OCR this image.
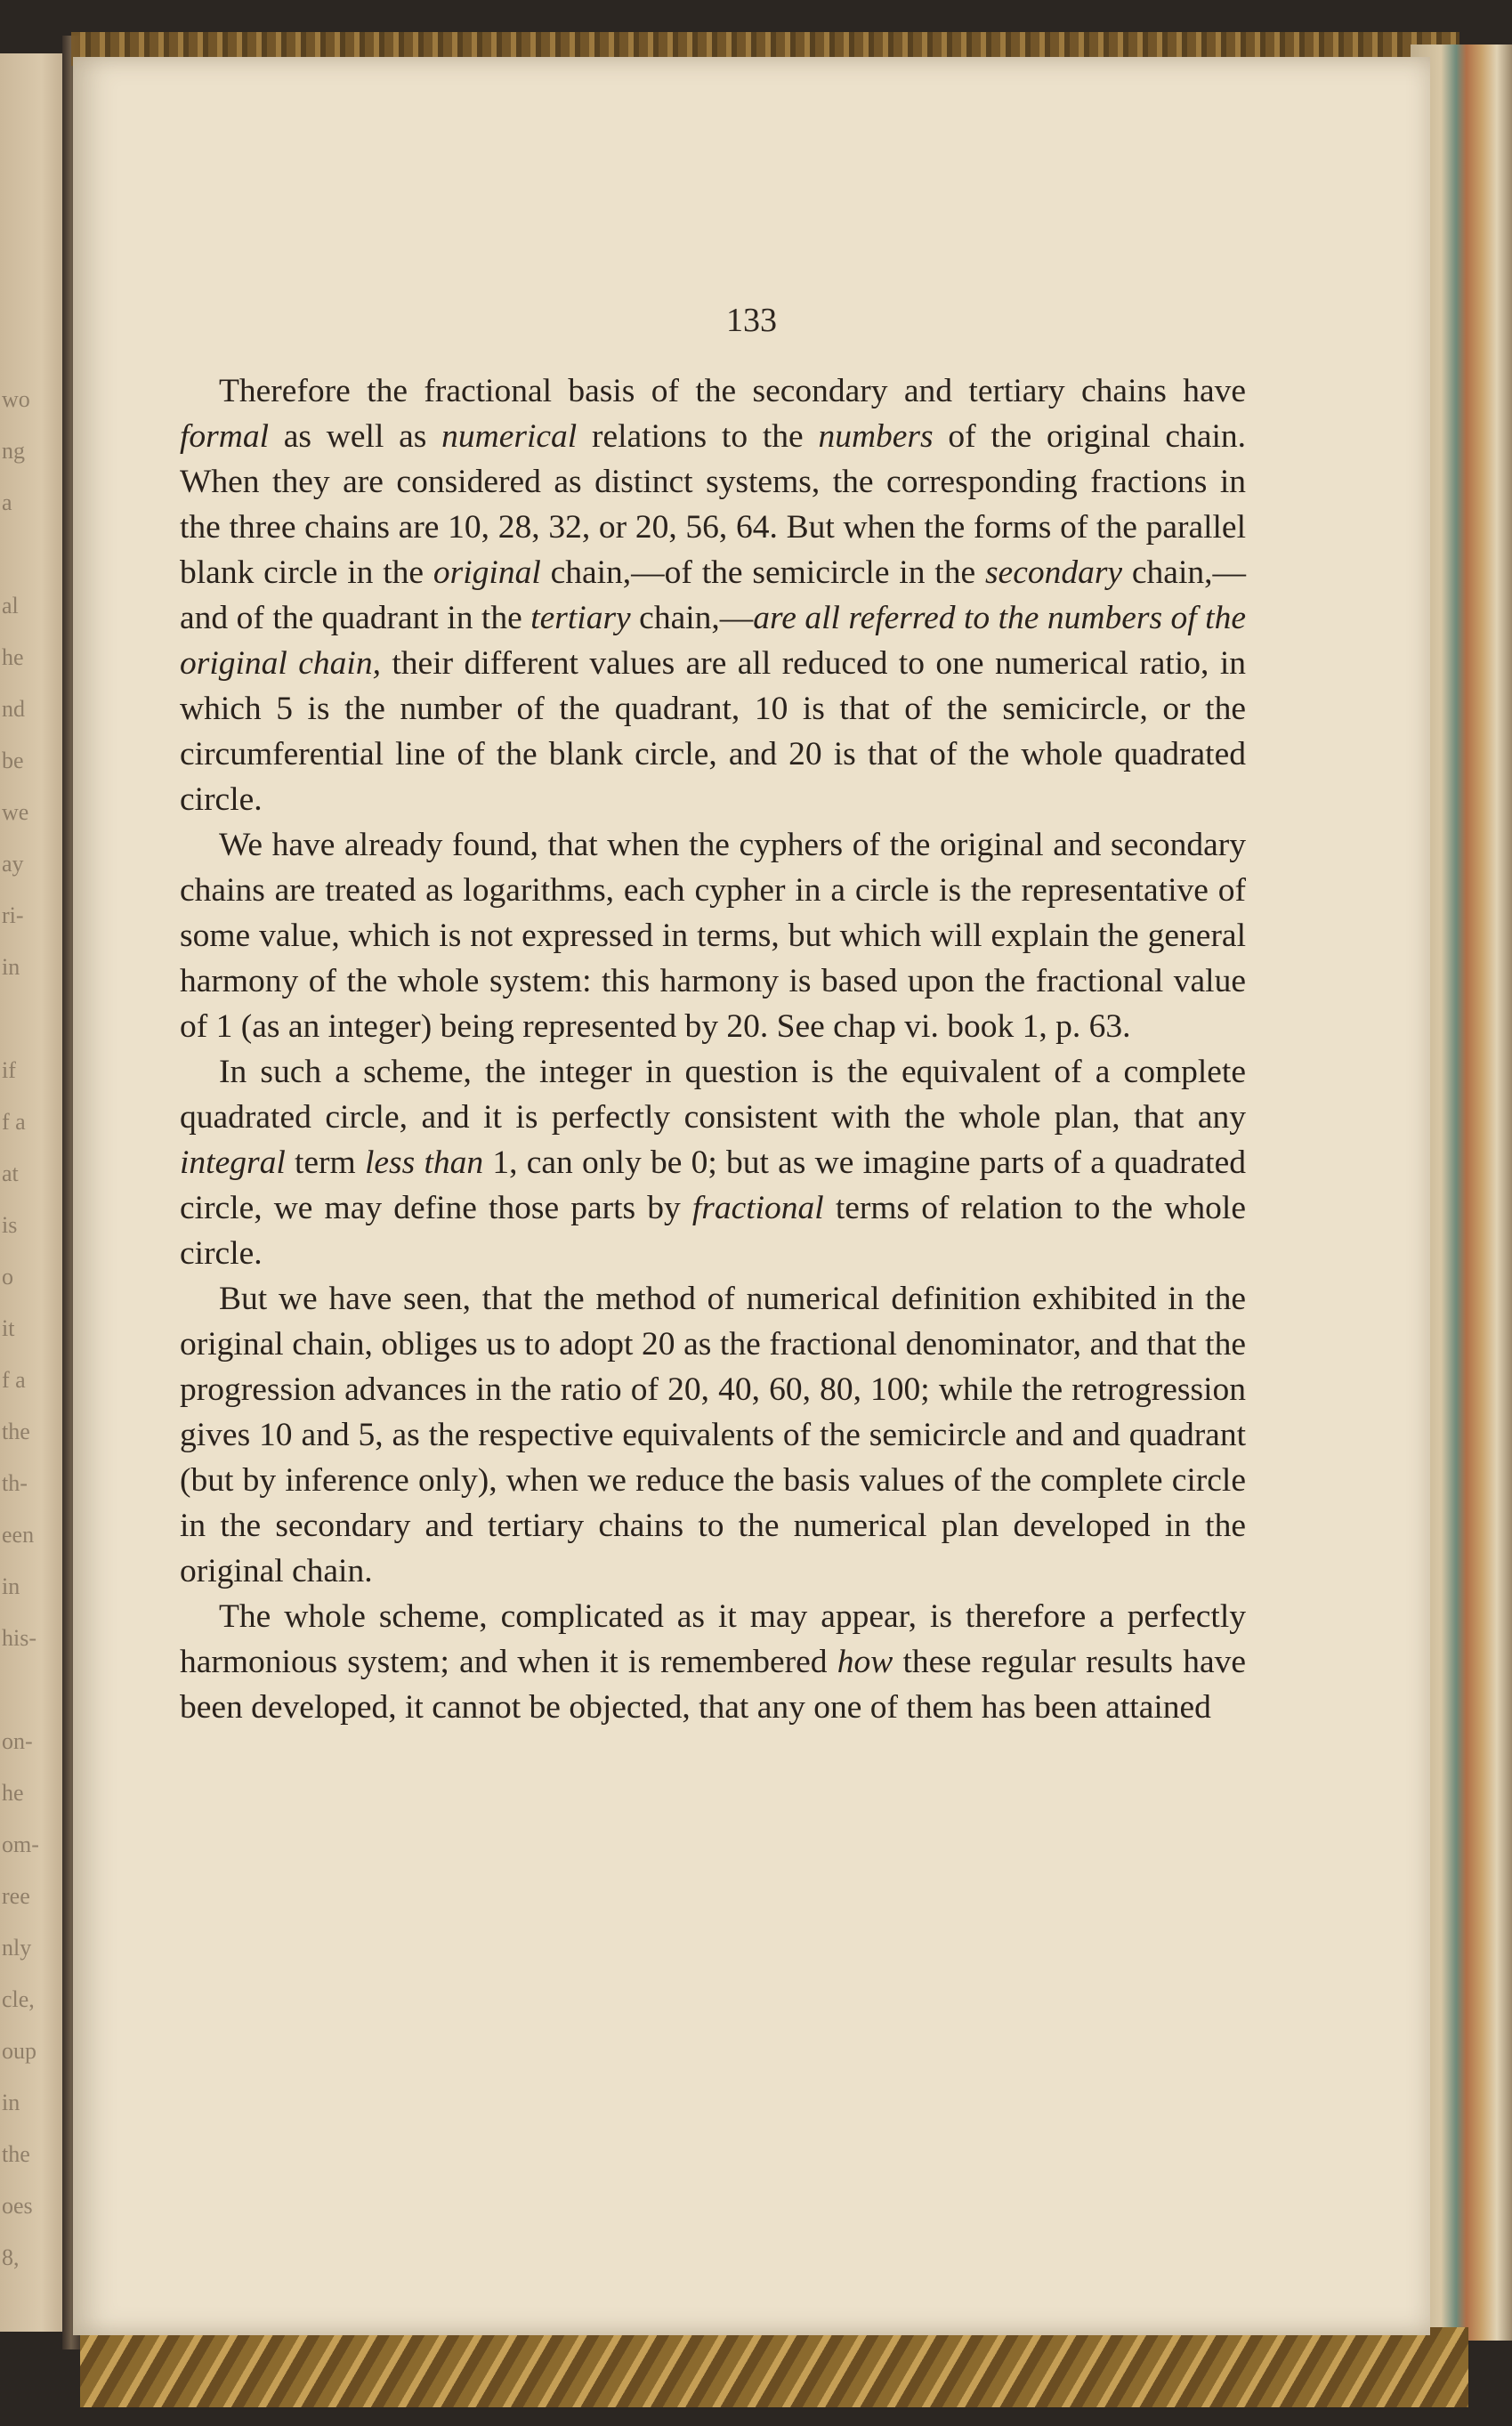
wo
ng
a

al
he
nd
be
we
ay
ri-
in

if
f a
at
is
o
it
f a
the
th-
een
in
his-

on-
he
om-
ree
nly
cle,
oup
in
the
oes
8,
133

Therefore the fractional basis of the secondary and tertiary chains have formal as well as numerical relations to the numbers of the original chain. When they are considered as distinct systems, the corresponding fractions in the three chains are 10, 28, 32, or 20, 56, 64. But when the forms of the parallel blank circle in the original chain,—of the semicircle in the secondary chain,—and of the quadrant in the tertiary chain,—are all referred to the numbers of the original chain, their different values are all reduced to one numerical ratio, in which 5 is the number of the quadrant, 10 is that of the semicircle, or the circumferential line of the blank circle, and 20 is that of the whole quadrated circle.

We have already found, that when the cyphers of the original and secondary chains are treated as logarithms, each cypher in a circle is the representative of some value, which is not expressed in terms, but which will explain the general harmony of the whole system: this harmony is based upon the fractional value of 1 (as an integer) being represented by 20. See chap vi. book 1, p. 63.

In such a scheme, the integer in question is the equivalent of a complete quadrated circle, and it is perfectly consistent with the whole plan, that any integral term less than 1, can only be 0; but as we imagine parts of a quadrated circle, we may define those parts by fractional terms of relation to the whole circle.

But we have seen, that the method of numerical definition exhibited in the original chain, obliges us to adopt 20 as the fractional denominator, and that the progression advances in the ratio of 20, 40, 60, 80, 100; while the retrogression gives 10 and 5, as the respective equivalents of the semicircle and and quadrant (but by inference only), when we reduce the basis values of the complete circle in the secondary and tertiary chains to the numerical plan developed in the original chain.

The whole scheme, complicated as it may appear, is therefore a perfectly harmonious system; and when it is remembered how these regular results have been developed, it cannot be objected, that any one of them has been attained
